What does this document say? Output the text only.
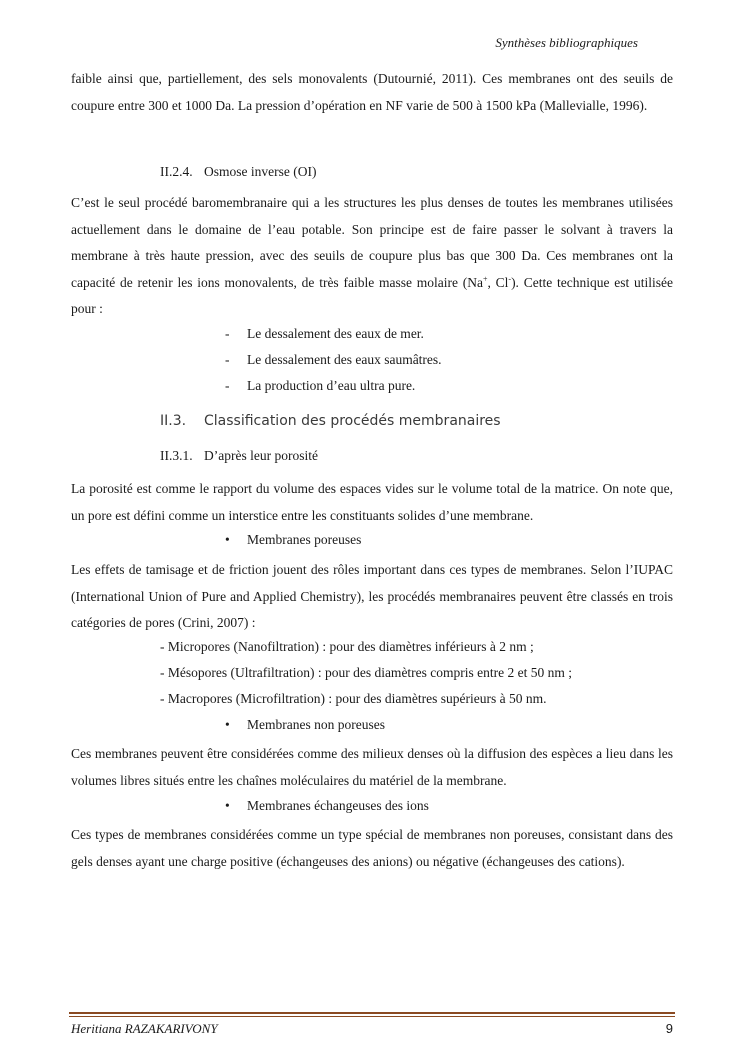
Synthèses bibliographiques

faible ainsi que, partiellement, des sels monovalents (Dutournié, 2011). Ces membranes ont des seuils de coupure entre 300 et 1000 Da. La pression d’opération en NF varie de 500 à 1500 kPa (Mallevialle, 1996).

II.2.4. Osmose inverse (OI)

C’est le seul procédé baromembranaire qui a les structures les plus denses de toutes les membranes utilisées actuellement dans le domaine de l’eau potable. Son principe est de faire passer le solvant à travers la membrane à très haute pression, avec des seuils de coupure plus bas que 300 Da. Ces membranes ont la capacité de retenir les ions monovalents, de très faible masse molaire (Na+, Cl-). Cette technique est utilisée pour :

- Le dessalement des eaux de mer.
- Le dessalement des eaux saumâtres.
- La production d’eau ultra pure.
II.3. Classification des procédés membranaires
II.3.1. D’après leur porosité

La porosité est comme le rapport du volume des espaces vides sur le volume total de la matrice. On note que, un pore est défini comme un interstice entre les constituants solides d’une membrane.

• Membranes poreuses

Les effets de tamisage et de friction jouent des rôles important dans ces types de membranes. Selon l’IUPAC (International Union of Pure and Applied Chemistry), les procédés membranaires peuvent être classés en trois catégories de pores (Crini, 2007) :

- Micropores (Nanofiltration) : pour des diamètres inférieurs à 2 nm ;
- Mésopores (Ultrafiltration) : pour des diamètres compris entre 2 et 50 nm ;
- Macropores (Microfiltration) : pour des diamètres supérieurs à 50 nm.
• Membranes non poreuses

Ces membranes peuvent être considérées comme des milieux denses où la diffusion des espèces a lieu dans les volumes libres situés entre les chaînes moléculaires du matériel de la membrane.

• Membranes échangeuses des ions

Ces types de membranes considérées comme un type spécial de membranes non poreuses, consistant dans des gels denses ayant une charge positive (échangeuses des anions) ou négative (échangeuses des cations).

Heritiana RAZAKARIVONY	9
